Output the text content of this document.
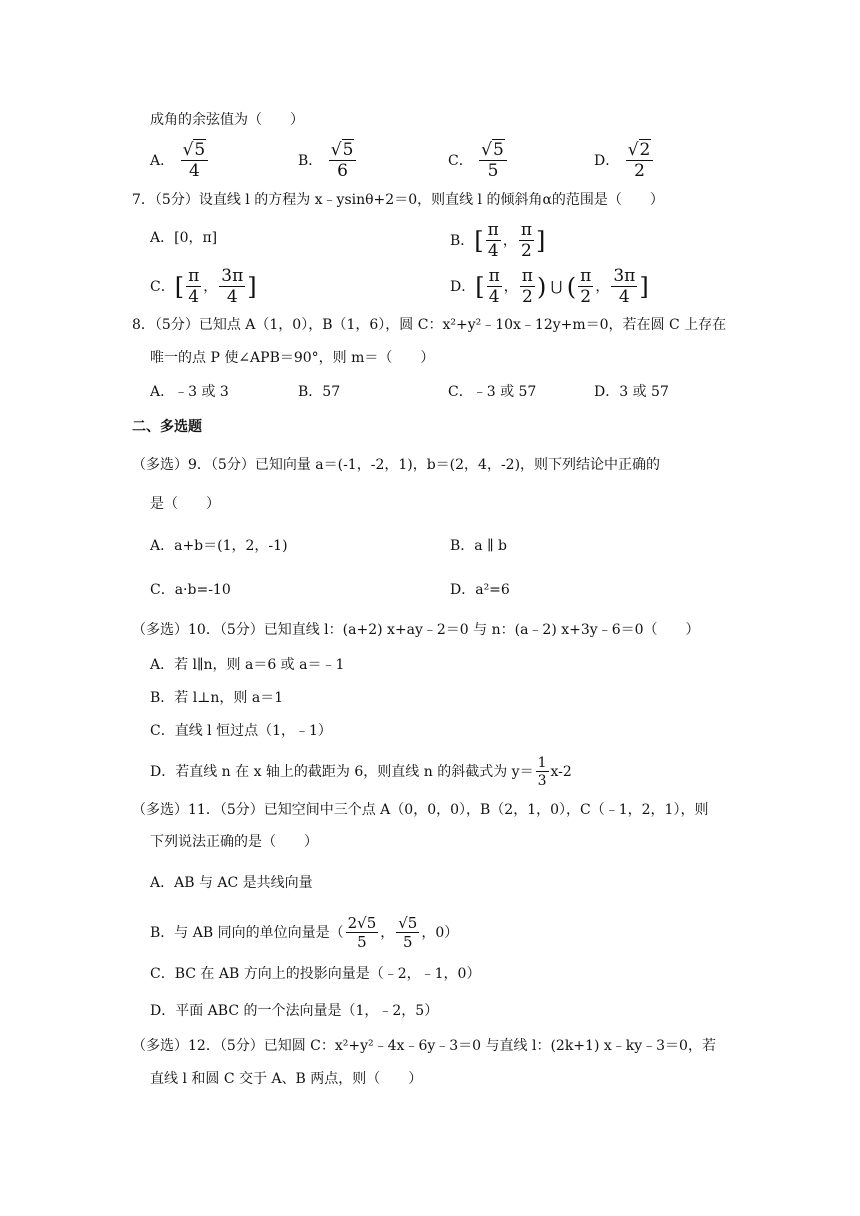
成角的余弦值为（　　）
A． $\frac{√5}{4}$	B． $\frac{√5}{6}$	C． $\frac{√5}{5}$	D． $\frac{√2}{2}$
7．（5分）设直线 l 的方程为 x﹣ysinθ+2＝0，则直线 l 的倾斜角α的范围是（　　）
A．[0，π]	B．[ $\frac{\pi}{4}$ ， $\frac{\pi}{2}$ ]
C．[ $\frac{\pi}{4}$ ， $\frac{3\pi}{4}$ ]	D．[ $\frac{\pi}{4}$ ， $\frac{\pi}{2}$ ) ⋃ ( $\frac{\pi}{2}$ ， $\frac{3\pi}{4}$ ]
8．（5分）已知点 A（1，0），B（1，6），圆 C：x²+y²﹣10x﹣12y+m＝0，若在圆 C 上存在
唯一的点 P 使∠APB＝90°，则 m＝（　　）
A．﹣3 或 3	B．57	C．﹣3 或 57	D．3 或 57
二、多选题
（多选）9．（5分）已知向量 a＝(-1，-2，1)，b＝(2，4，-2)，则下列结论中正确的
是（　　）
A．a+b＝(1，2，-1)	B．a ∥ b
C．a·b=-10	D．a²=6
（多选）10．（5分）已知直线 l：(a+2) x+ay﹣2＝0 与 n：(a﹣2) x+3y﹣6＝0（　　）
A．若 l∥n，则 a＝6 或 a＝﹣1
B．若 l⊥n，则 a＝1
C．直线 l 恒过点（1，﹣1）
D．若直线 n 在 x 轴上的截距为 6，则直线 n 的斜截式为 $y= \frac{1}{3} x-2$
（多选）11．（5分）已知空间中三个点 A（0，0，0），B（2，1，0），C（﹣1，2，1），则
下列说法正确的是（　　）
A．AB 与 AC 是共线向量
B．与 AB 同向的单位向量是（ $\frac{2√5}{5}$ ， $\frac{√5}{5}$ ，0）
C．BC 在 AB 方向上的投影向量是（﹣2，﹣1，0）
D．平面 ABC 的一个法向量是（1，﹣2，5）
（多选）12．（5分）已知圆 C：x²+y²﹣4x﹣6y﹣3＝0 与直线 l：(2k+1) x﹣ky﹣3＝0，若
直线 l 和圆 C 交于 A、B 两点，则（　　）
